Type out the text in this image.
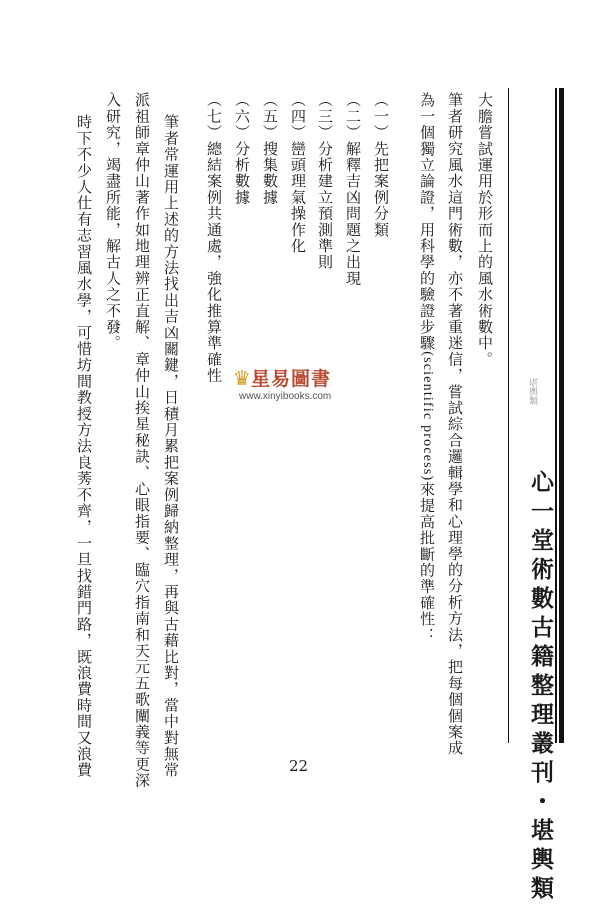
心一堂術數古籍整理叢刊・堪輿類
堪輿類
大膽嘗試運用於形而上的風水術數中。
筆者研究風水這門術數，亦不著重迷信，嘗試綜合邏輯學和心理學的分析方法，把每個個案成
為一個獨立論證，用科學的驗證步驟(scientific process)來提高批斷的準確性：
（一）先把案例分類
（二）解釋吉凶問題之出現
（三）分析建立預測準則
（四）巒頭理氣操作化
（五）搜集數據
（六）分析數據
（七）總結案例共通處，強化推算準確性
筆者常運用上述的方法找出吉凶關鍵，日積月累把案例歸納整理，再與古藉比對，當中對無常
派祖師章仲山著作如地理辨正直解、章仲山挨星秘訣、心眼指要、臨穴指南和天元五歌闡義等更深
入研究，竭盡所能，解古人之不發。
時下不少人仕有志習風水學，可惜坊間教授方法良莠不齊，一旦找錯門路，既浪費時間又浪費	♛星易圖書
www.xinyibooks.com
22
